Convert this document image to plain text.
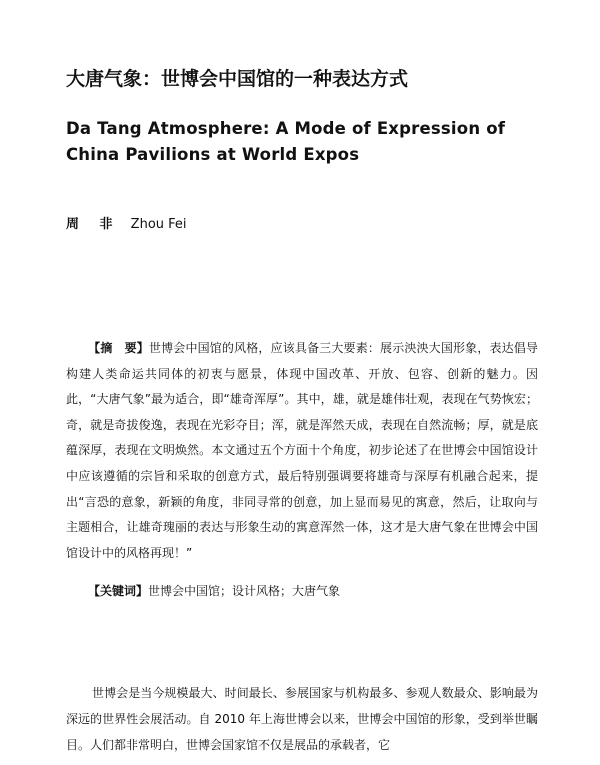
大唐气象：世博会中国馆的一种表达方式
Da Tang Atmosphere: A Mode of Expression of China Pavilions at World Expos
周 非 Zhou Fei
【摘　要】世博会中国馆的风格，应该具备三大要素：展示泱泱大国形象，表达倡导构建人类命运共同体的初衷与愿景，体现中国改革、开放、包容、创新的魅力。因此，“大唐气象”最为适合，即“雄奇浑厚”。其中，雄，就是雄伟壮观，表现在气势恢宏；奇，就是奇拔俊逸，表现在光彩夺目；浑，就是浑然天成，表现在自然流畅；厚，就是底蕴深厚，表现在文明焕然。本文通过五个方面十个角度，初步论述了在世博会中国馆设计中应该遵循的宗旨和采取的创意方式，最后特别强调要将雄奇与深厚有机融合起来，提出“言恐的意象，新颖的角度，非同寻常的创意，加上显而易见的寓意，然后，让取向与主题相合，让雄奇瑰丽的表达与形象生动的寓意浑然一体，这才是大唐气象在世博会中国馆设计中的风格再现！”
【关键词】世博会中国馆；设计风格；大唐气象
世博会是当今规模最大、时间最长、参展国家与机构最多、参观人数最众、影响最为深远的世界性会展活动。自 2010 年上海世博会以来，世博会中国馆的形象，受到举世瞩目。人们都非常明白，世博会国家馆不仅是展品的承载者，它
